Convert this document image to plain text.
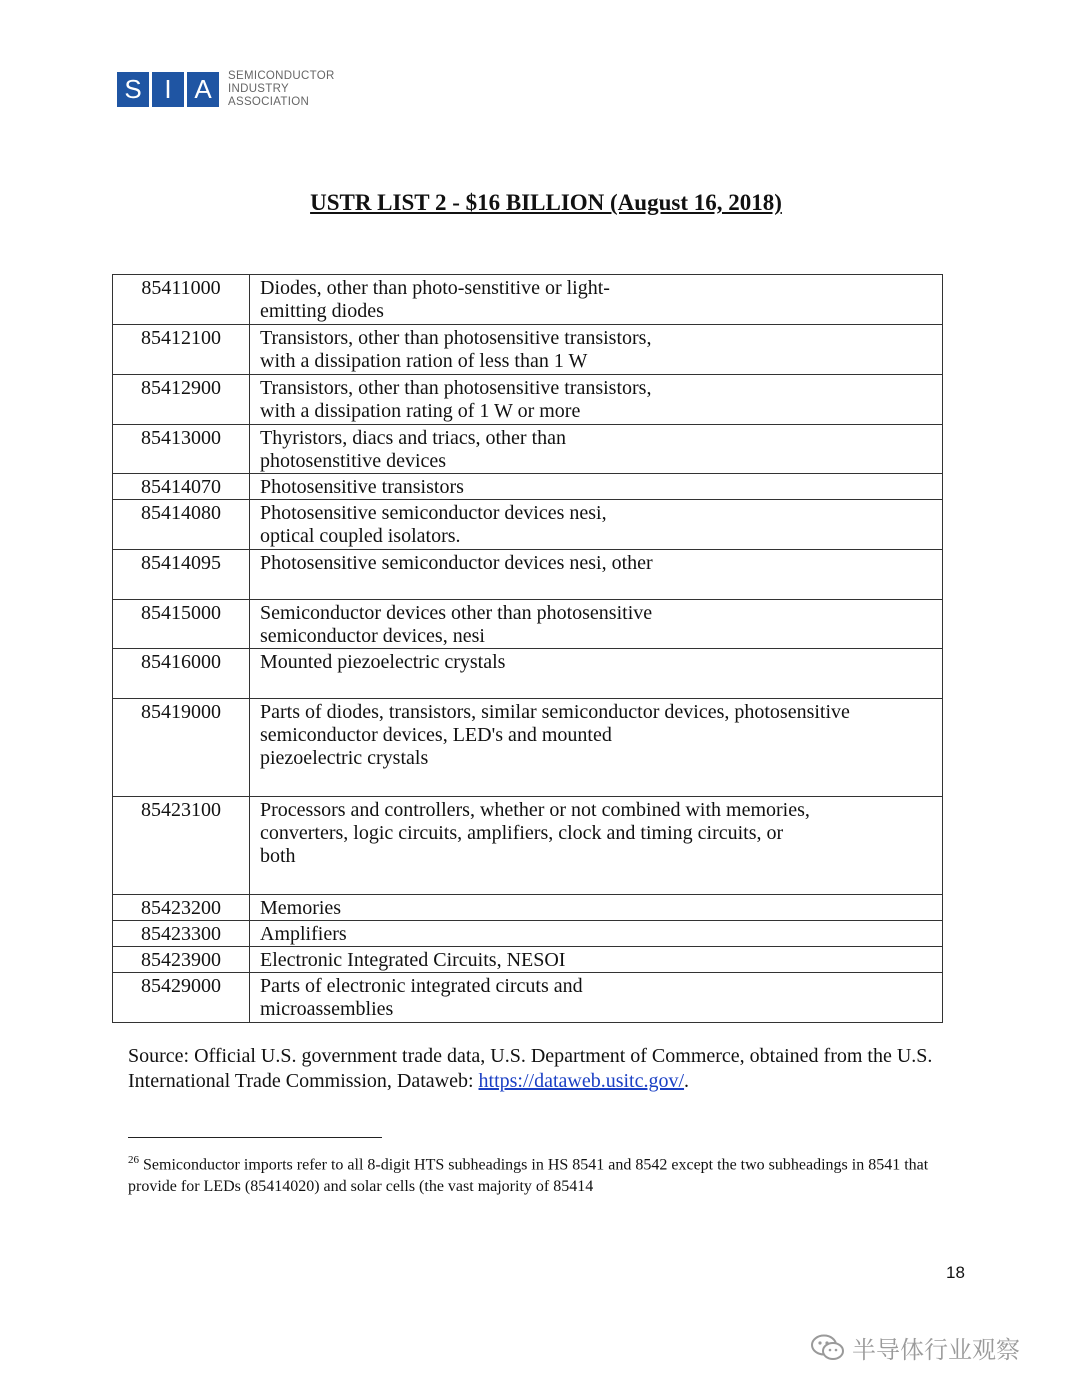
S I A	SEMICONDUCTOR
INDUSTRY
ASSOCIATION
USTR LIST 2 - $16 BILLION (August 16, 2018)
85411000	Diodes, other than photo-senstitive or light-
emitting diodes
85412100	Transistors, other than photosensitive transistors,
with a dissipation ration of less than 1 W
85412900	Transistors, other than photosensitive transistors,
with a dissipation rating of 1 W or more
85413000	Thyristors, diacs and triacs, other than
photosenstitive devices
85414070	Photosensitive transistors
85414080	Photosensitive semiconductor devices nesi,
optical coupled isolators.
85414095	Photosensitive semiconductor devices nesi, other
85415000	Semiconductor devices other than photosensitive
semiconductor devices, nesi
85416000	Mounted piezoelectric crystals
85419000	Parts of diodes, transistors, similar semiconductor devices, photosensitive
semiconductor devices, LED's and mounted
piezoelectric crystals
85423100	Processors and controllers, whether or not combined with memories,
converters, logic circuits, amplifiers, clock and timing circuits, or
both
85423200	Memories
85423300	Amplifiers
85423900	Electronic Integrated Circuits, NESOI
85429000	Parts of electronic integrated circuts and
microassemblies
Source: Official U.S. government trade data, U.S. Department of Commerce, obtained from the U.S. International Trade Commission, Dataweb: https://dataweb.usitc.gov/.
$^{26}$ Semiconductor imports refer to all 8-digit HTS subheadings in HS 8541 and 8542 except the two subheadings in 8541 that provide for LEDs (85414020) and solar cells (the vast majority of 85414
18
半导体行业观察
